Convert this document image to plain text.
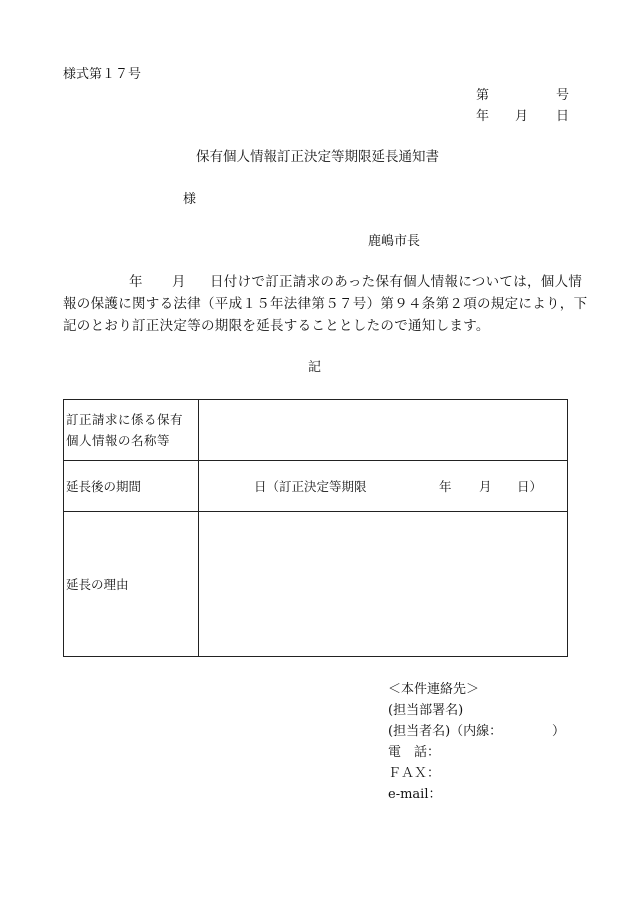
様式第１７号
第	号
年 月 日
保有個人情報訂正決定等期限延長通知書
様
鹿嶋市長
年 月 日付けで訂正請求のあった保有個人情報については，個人情
報の保護に関する法律（平成１５年法律第５７号）第９４条第２項の規定により，下
記のとおり訂正決定等の期限を延長することとしたので通知します。
記
訂正請求に係る保有
個人情報の名称等	

延長後の期間	日（訂正決定等期限 年 月 日）

延長の理由	
＜本件連絡先＞
(担当部署名)
(担当者名)（内線：	）
電　話：
ＦＡＸ：
e-mail：
